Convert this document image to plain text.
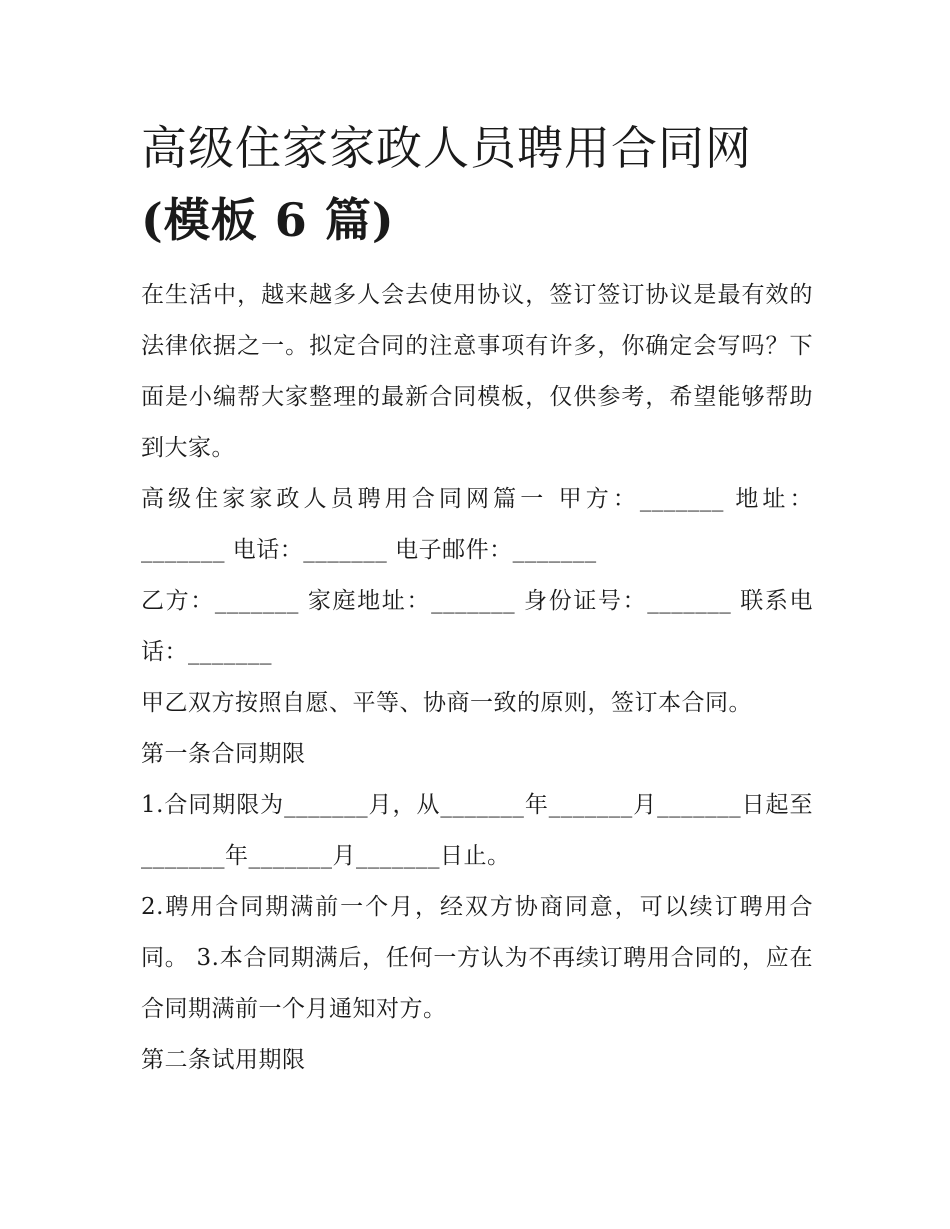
高级住家家政人员聘用合同网
(模板 6 篇)

在生活中，越来越多人会去使用协议，签订签订协议是最有效的法律依据之一。拟定合同的注意事项有许多，你确定会写吗？下面是小编帮大家整理的最新合同模板，仅供参考，希望能够帮助到大家。

高级住家家政人员聘用合同网篇一 甲方：_______ 地址：_______ 电话：_______ 电子邮件：_______

乙方：_______ 家庭地址：_______ 身份证号：_______ 联系电话：_______

甲乙双方按照自愿、平等、协商一致的原则，签订本合同。

第一条合同期限

1.合同期限为_______月，从_______年_______月_______日起至_______年_______月_______日止。

2.聘用合同期满前一个月，经双方协商同意，可以续订聘用合同。 3.本合同期满后，任何一方认为不再续订聘用合同的，应在合同期满前一个月通知对方。

第二条试用期限
